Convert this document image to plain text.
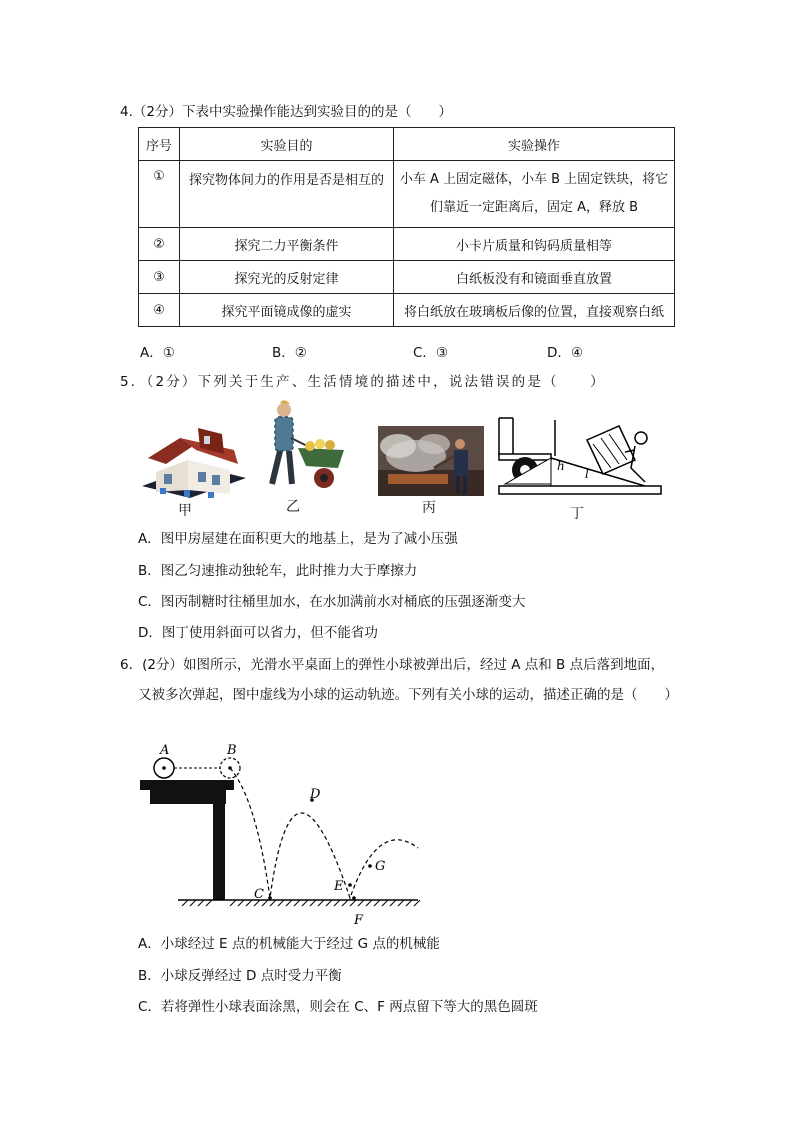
4.（2分）下表中实验操作能达到实验目的的是（　　）
序号	实验目的	实验操作
①	探究物体间力的作用是否是相互的	小车 A 上固定磁体，小车 B 上固定铁块，将它们靠近一定距离后，固定 A，释放 B
②	探究二力平衡条件	小卡片质量和钩码质量相等
③	探究光的反射定律	白纸板没有和镜面垂直放置
④	探究平面镜成像的虚实	将白纸放在玻璃板后像的位置，直接观察白纸
A．①	B．②	C．③	D．④
5．（2分）下列关于生产、生活情境的描述中，说法错误的是（　　）
h
l
甲	乙	丙	丁
A．图甲房屋建在面积更大的地基上，是为了减小压强
B．图乙匀速推动独轮车，此时推力大于摩擦力
C．图丙制糖时往桶里加水，在水加满前水对桶底的压强逐渐变大
D．图丁使用斜面可以省力，但不能省功
6．(2分）如图所示，光滑水平桌面上的弹性小球被弹出后，经过 A 点和 B 点后落到地面，
又被多次弹起，图中虚线为小球的运动轨迹。下列有关小球的运动，描述正确的是（　　）
A	B
C
D
E
F
G
A．小球经过 E 点的机械能大于经过 G 点的机械能
B．小球反弹经过 D 点时受力平衡
C．若将弹性小球表面涂黑，则会在 C、F 两点留下等大的黑色圆斑
